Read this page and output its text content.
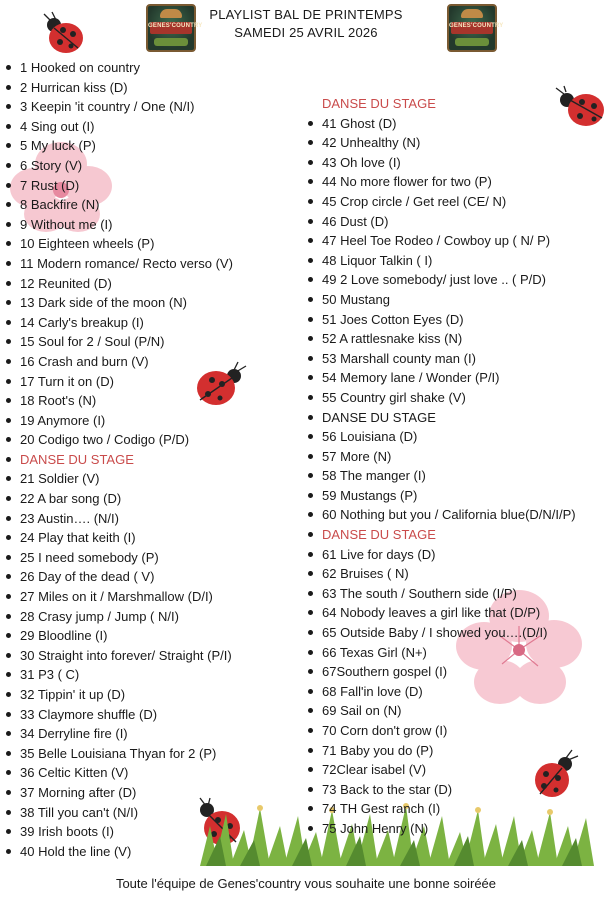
GENES'COUNTRY	GENES'COUNTRY
PLAYLIST BAL DE PRINTEMPS
SAMEDI 25 AVRIL 2026
1 Hooked on country
2 Hurrican kiss (D)
3 Keepin 'it country / One (N/I)
4 Sing out (I)
5 My luck (P)
6 Story (V)
7 Rust (D)
8 Backfire (N)
9 Without me (I)
10 Eighteen wheels (P)
11 Modern romance/ Recto verso (V)
12 Reunited (D)
13 Dark side of the moon (N)
14 Carly's breakup (I)
15 Soul for 2 / Soul (P/N)
16 Crash and burn (V)
17 Turn it on (D)
18 Root's (N)
19 Anymore (I)
20 Codigo two / Codigo (P/D)
DANSE DU STAGE
21 Soldier (V)
22 A bar song (D)
23 Austin…. (N/I)
24 Play that keith (I)
25 I need somebody (P)
26 Day of the dead ( V)
27 Miles on it / Marshmallow (D/I)
28 Crasy jump / Jump ( N/I)
29 Bloodline (I)
30 Straight into forever/ Straight (P/I)
31 P3 ( C)
32 Tippin' it up (D)
33 Claymore shuffle (D)
34 Derryline fire (I)
35 Belle Louisiana Thyan for 2 (P)
36 Celtic Kitten (V)
37 Morning after (D)
38 Till you can't (N/I)
39 Irish boots (I)
40 Hold the line (V)
DANSE DU STAGE
41 Ghost (D)
42 Unhealthy (N)
43 Oh love (I)
44 No more flower for two (P)
45 Crop circle / Get reel (CE/ N)
46 Dust (D)
47 Heel Toe Rodeo / Cowboy up ( N/ P)
48 Liquor Talkin ( I)
49 2 Love somebody/ just love .. ( P/D)
50 Mustang
51 Joes Cotton Eyes (D)
52 A rattlesnake kiss (N)
53 Marshall county man (I)
54 Memory lane / Wonder (P/I)
55 Country girl shake (V)
DANSE DU STAGE
56 Louisiana (D)
57 More (N)
58 The manger (I)
59 Mustangs (P)
60 Nothing but you / California blue(D/N/I/P)
DANSE DU STAGE
61 Live for days (D)
62 Bruises ( N)
63 The south / Southern side (I/P)
64 Nobody leaves a girl like that (D/P)
65 Outside Baby / I showed you….(D/I)
66 Texas Girl (N+)
67Southern gospel (I)
68 Fall'in love (D)
69 Sail on (N)
70 Corn don't grow (I)
71 Baby you do (P)
72Clear isabel (V)
73 Back to the star (D)
74 TH Gest ranch (I)
75 John Henry (N)
Toute l'équipe de Genes'country vous souhaite une bonne soirééе
